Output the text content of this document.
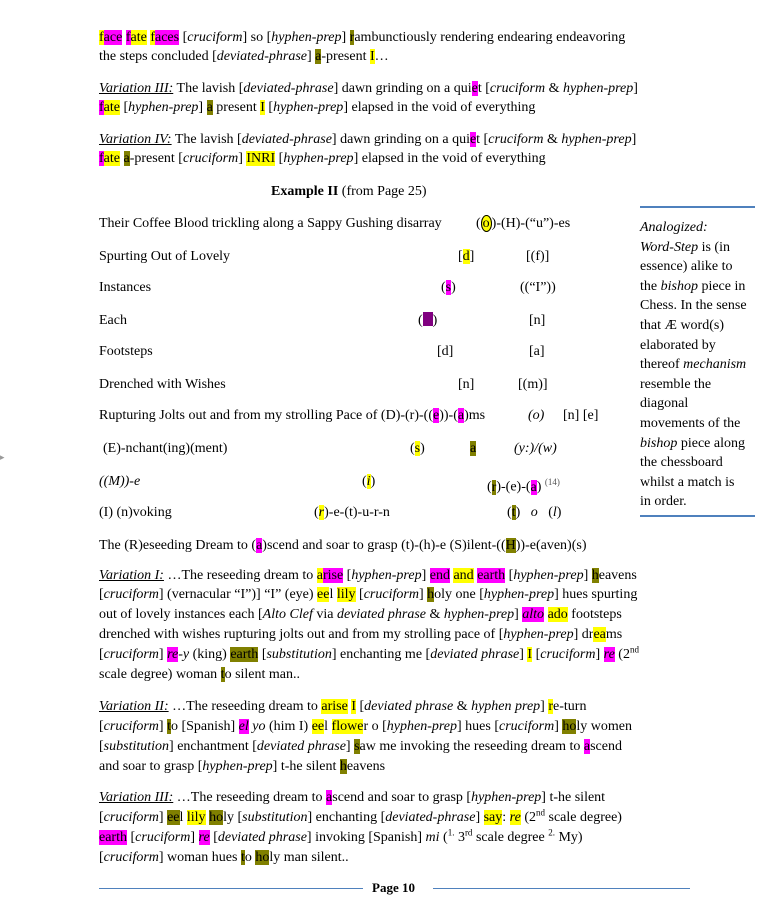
face fate faces [cruciform] so [hyphen-prep] rambunctiously rendering endearing endeavoring
the steps concluded [deviated-phrase] a-present I…
Variation III: The lavish [deviated-phrase] dawn grinding on a quiet [cruciform & hyphen-prep]
fate [hyphen-prep] a present I [hyphen-prep] elapsed in the void of everything
Variation IV: The lavish [deviated-phrase] dawn grinding on a quiet [cruciform & hyphen-prep]
fate a-present [cruciform] INRI [hyphen-prep] elapsed in the void of everything
Example II (from Page 25)
Analogized:
Word-Step is (in
essence) alike to
the bishop piece in
Chess. In the sense
that Æ word(s)
elaborated by
thereof mechanism
resemble the
diagonal
movements of the
bishop piece along
the chessboard
whilst a match is
in order.
Their Coffee Blood trickling along a Sappy Gushing disarray ( o )-(H)-(“u”)-es
Spurting Out of Lovely	[d]	[(f)]
Instances	(s)	((“I”))
Each	( )	[n]
Footsteps	[d]	[a]
Drenched with Wishes	[n]	[(m)]
Rupturing Jolts out and from my strolling Pace of (D)-(r)-((e))-(a)ms	(o) [n] [e]
(E)-nchant(ing)(ment)	(s)	a	(y:)/(w)
((M))-e	(i)	(r)-(e)-(a) $^{(14)}$
(I) (n)voking	(r)-e-(t)-u-r-n	(t)   o   (l)
The (R)eseeding Dream to (a)scend and soar to grasp (t)-(h)-e (S)ilent-((H))-e(aven)(s)
Variation I: …The reseeding dream to arise [hyphen-prep] end and earth [hyphen-prep] heavens
[cruciform] (vernacular “I”)] “I” (eye) eel lily [cruciform] holy one [hyphen-prep] hues spurting
out of lovely instances each [Alto Clef via deviated phrase & hyphen-prep] alto ado footsteps
drenched with wishes rupturing jolts out and from my strolling pace of [hyphen-prep] dreams
[cruciform] re-y (king) earth [substitution] enchanting me [deviated phrase] I [cruciform] re (2nd
scale degree) woman to silent man..
Variation II: …The reseeding dream to arise I [deviated phrase & hyphen prep] re-turn
[cruciform] to [Spanish] el yo (him I) eel flower o [hyphen-prep] hues [cruciform] holy women
[substitution] enchantment [deviated phrase] saw me invoking the reseeding dream to ascend
and soar to grasp [hyphen-prep] t-he silent heavens
Variation III: …The reseeding dream to ascend and soar to grasp [hyphen-prep] t-he silent
[cruciform] eel lily holy [substitution] enchanting [deviated-phrase] say: re (2nd scale degree)
earth [cruciform] re [deviated phrase] invoking [Spanish] mi ($^{1.}$ 3rd scale degree $^{2.}$ My)
[cruciform] woman hues to holy man silent..
Page 10
▸
